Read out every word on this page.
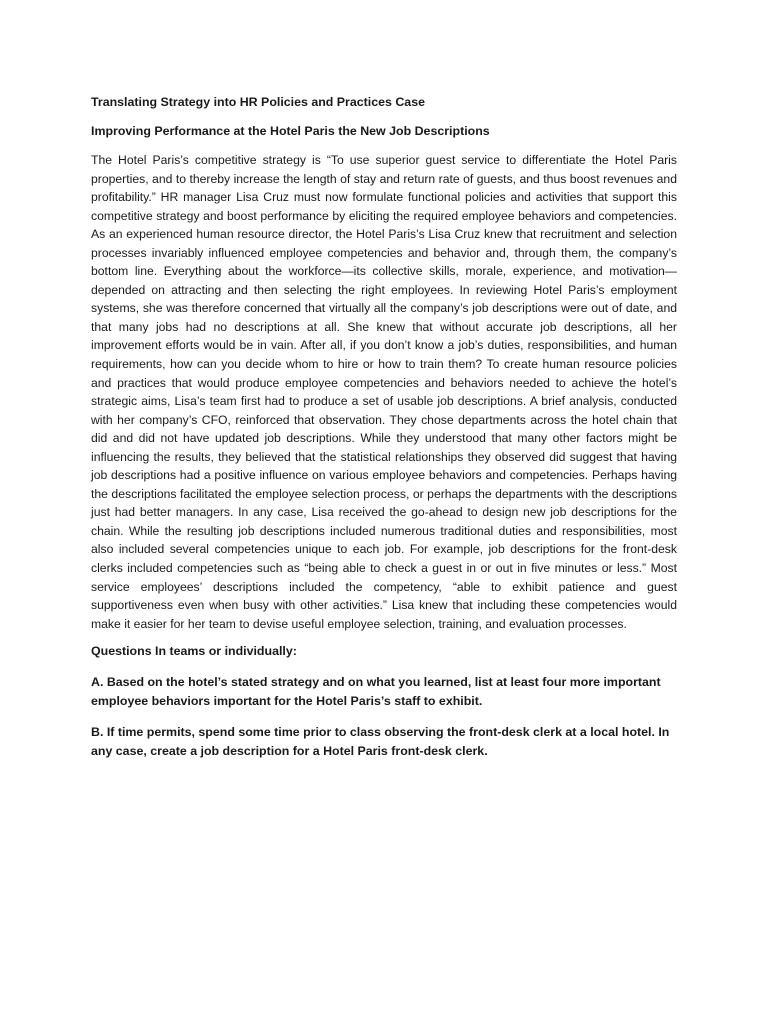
Translating Strategy into HR Policies and Practices Case
Improving Performance at the Hotel Paris the New Job Descriptions

The Hotel Paris’s competitive strategy is “To use superior guest service to differentiate the Hotel Paris properties, and to thereby increase the length of stay and return rate of guests, and thus boost revenues and profitability.” HR manager Lisa Cruz must now formulate functional policies and activities that support this competitive strategy and boost performance by eliciting the required employee behaviors and competencies. As an experienced human resource director, the Hotel Paris’s Lisa Cruz knew that recruitment and selection processes invariably influenced employee competencies and behavior and, through them, the company’s bottom line. Everything about the workforce—its collective skills, morale, experience, and motivation—depended on attracting and then selecting the right employees. In reviewing Hotel Paris’s employment systems, she was therefore concerned that virtually all the company’s job descriptions were out of date, and that many jobs had no descriptions at all. She knew that without accurate job descriptions, all her improvement efforts would be in vain. After all, if you don’t know a job’s duties, responsibilities, and human requirements, how can you decide whom to hire or how to train them? To create human resource policies and practices that would produce employee competencies and behaviors needed to achieve the hotel’s strategic aims, Lisa’s team first had to produce a set of usable job descriptions. A brief analysis, conducted with her company’s CFO, reinforced that observation. They chose departments across the hotel chain that did and did not have updated job descriptions. While they understood that many other factors might be influencing the results, they believed that the statistical relationships they observed did suggest that having job descriptions had a positive influence on various employee behaviors and competencies. Perhaps having the descriptions facilitated the employee selection process, or perhaps the departments with the descriptions just had better managers. In any case, Lisa received the go-ahead to design new job descriptions for the chain. While the resulting job descriptions included numerous traditional duties and responsibilities, most also included several competencies unique to each job. For example, job descriptions for the front-desk clerks included competencies such as “being able to check a guest in or out in five minutes or less.” Most service employees’ descriptions included the competency, “able to exhibit patience and guest supportiveness even when busy with other activities.” Lisa knew that including these competencies would make it easier for her team to devise useful employee selection, training, and evaluation processes.

Questions In teams or individually:

A. Based on the hotel’s stated strategy and on what you learned, list at least four more important employee behaviors important for the Hotel Paris’s staff to exhibit.

B. If time permits, spend some time prior to class observing the front-desk clerk at a local hotel. In any case, create a job description for a Hotel Paris front-desk clerk.
